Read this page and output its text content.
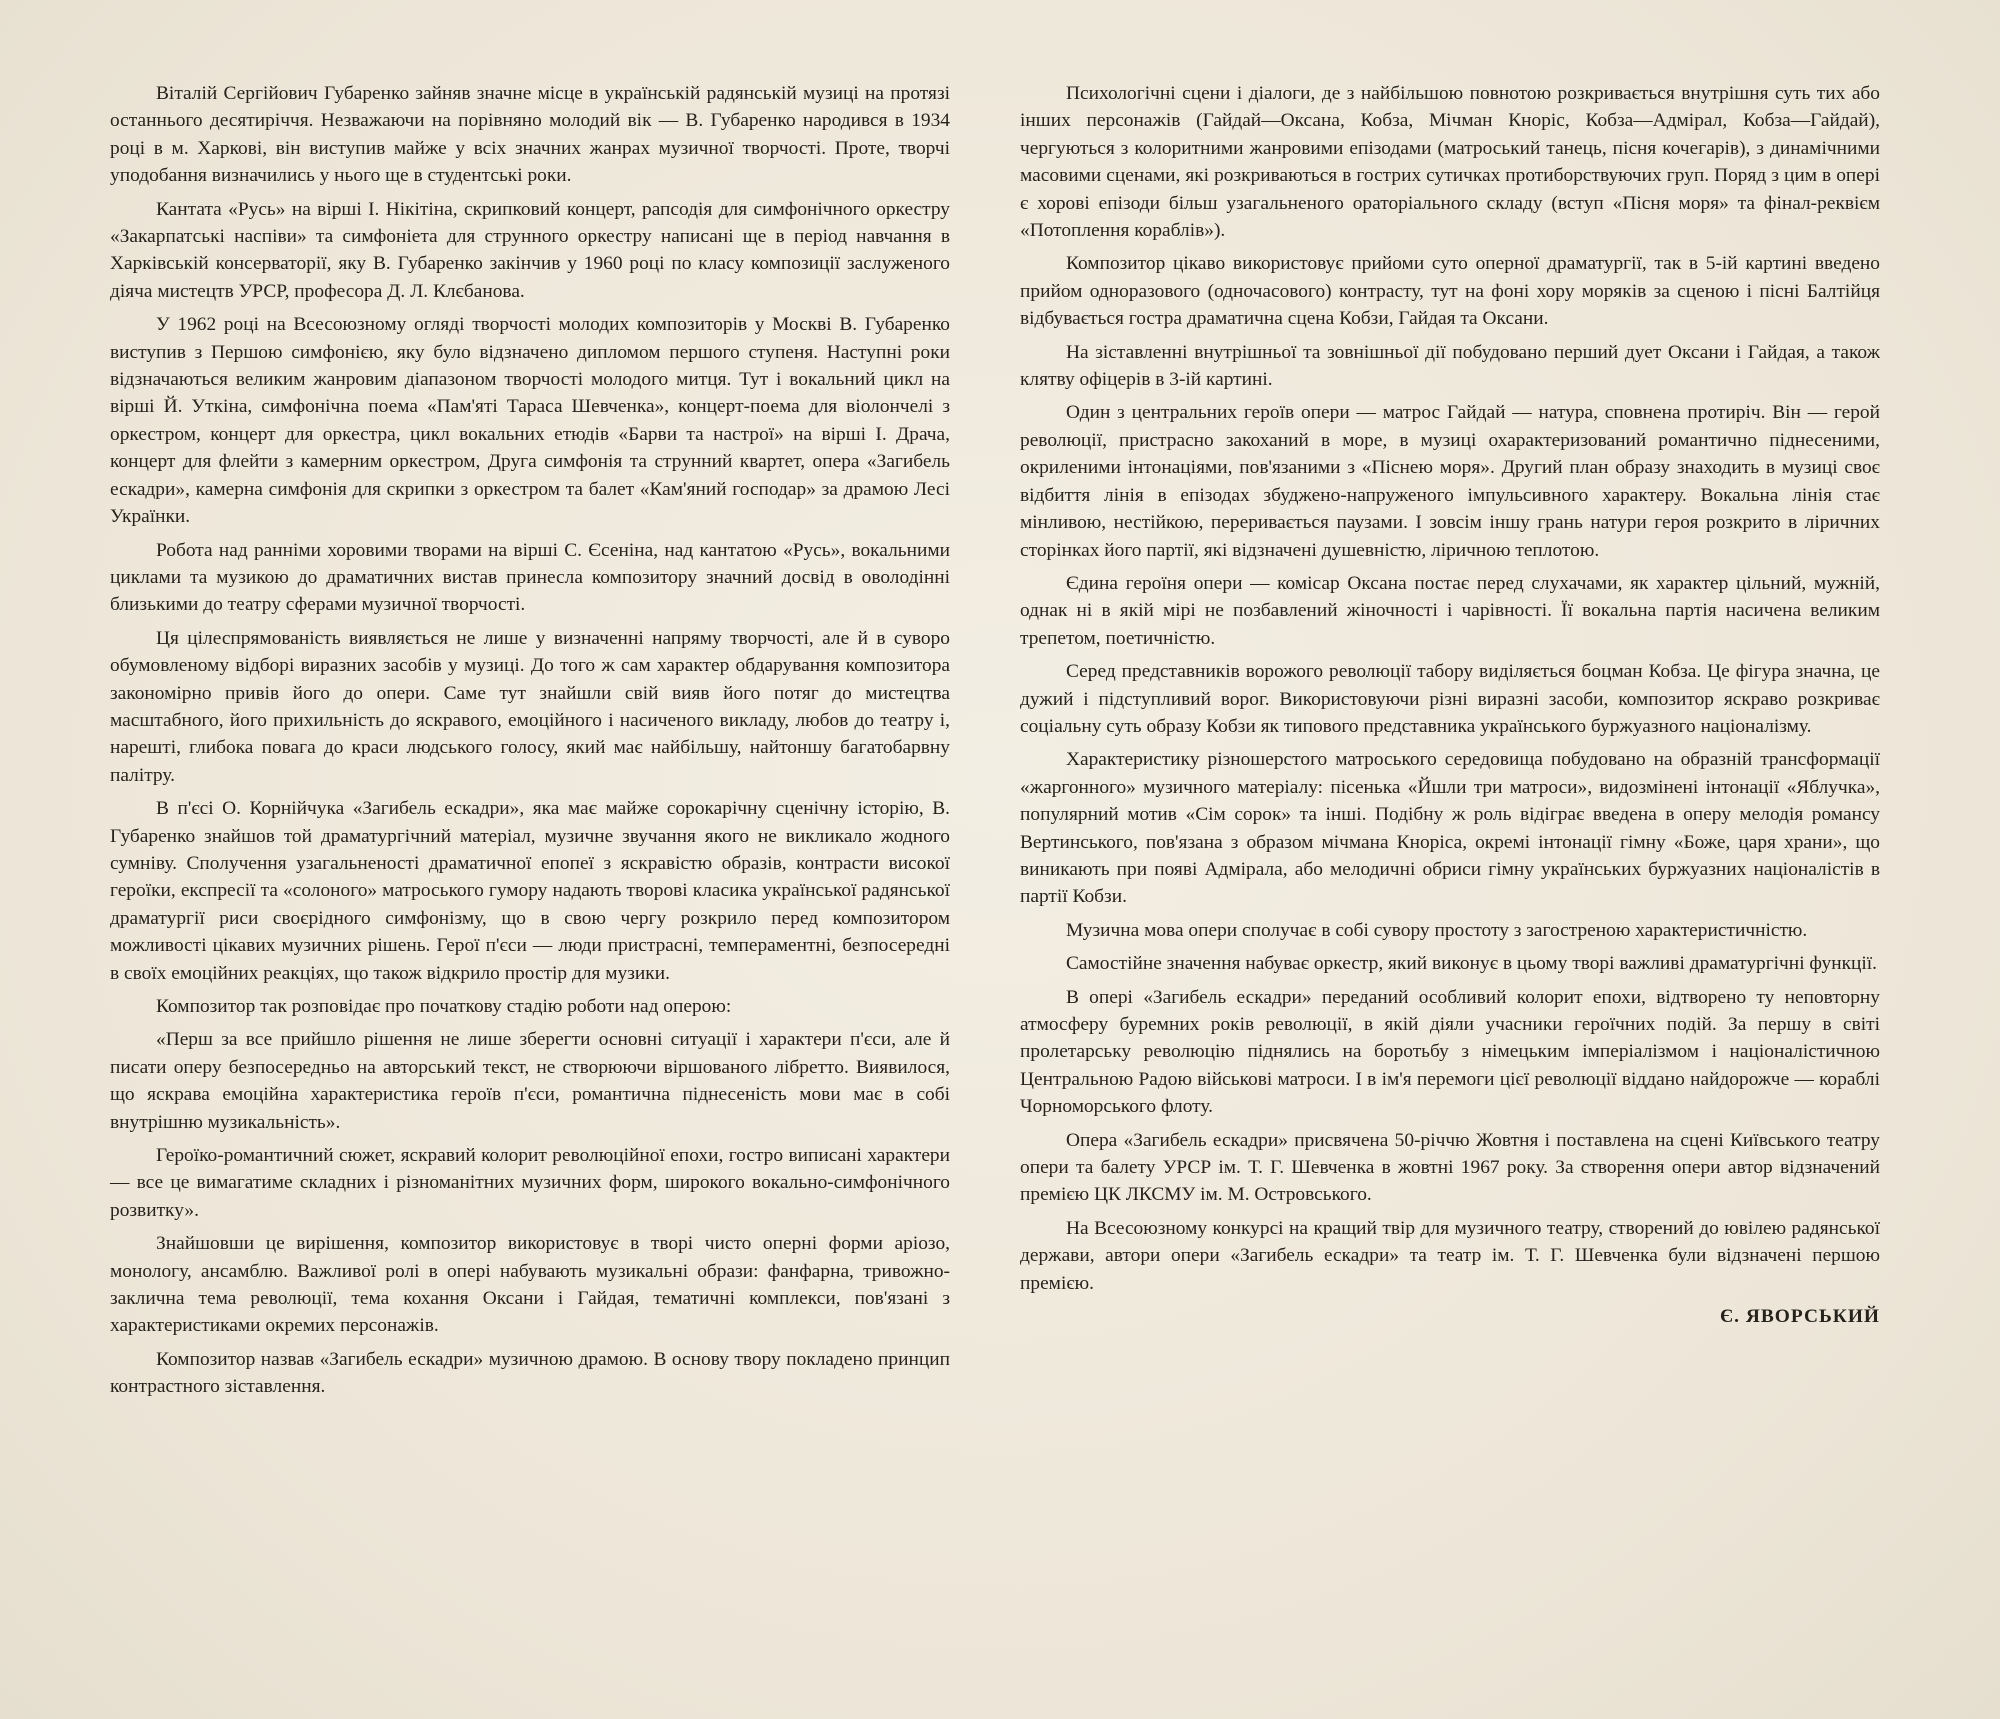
Віталій Сергійович Губаренко зайняв значне місце в українській радянській музиці на протязі останнього десятиріччя. Незважаючи на порівняно молодий вік — В. Губаренко народився в 1934 році в м. Харкові, він виступив майже у всіх значних жанрах музичної творчості. Проте, творчі уподобання визначились у нього ще в студентські роки.

Кантата «Русь» на вірші І. Нікітіна, скрипковий концерт, рапсодія для симфонічного оркестру «Закарпатські наспіви» та симфоніета для струнного оркестру написані ще в період навчання в Харківській консерваторії, яку В. Губаренко закінчив у 1960 році по класу композиції заслуженого діяча мистецтв УРСР, професора Д. Л. Клєбанова.

У 1962 році на Всесоюзному огляді творчості молодих композиторів у Москві В. Губаренко виступив з Першою симфонією, яку було відзначено дипломом першого ступеня. Наступні роки відзначаються великим жанровим діапазоном творчості молодого митця. Тут і вокальний цикл на вірші Й. Уткіна, симфонічна поема «Пам'яті Тараса Шевченка», концерт-поема для віолончелі з оркестром, концерт для оркестра, цикл вокальних етюдів «Барви та настрої» на вірші І. Драча, концерт для флейти з камерним оркестром, Друга симфонія та струнний квартет, опера «Загибель ескадри», камерна симфонія для скрипки з оркестром та балет «Кам'яний господар» за драмою Лесі Українки.

Робота над ранніми хоровими творами на вірші С. Єсеніна, над кантатою «Русь», вокальними циклами та музикою до драматичних вистав принесла композитору значний досвід в оволодінні близькими до театру сферами музичної творчості.

Ця цілеспрямованість виявляється не лише у визначенні напряму творчості, але й в суворо обумовленому відборі виразних засобів у музиці. До того ж сам характер обдарування композитора закономірно привів його до опери. Саме тут знайшли свій вияв його потяг до мистецтва масштабного, його прихильність до яскравого, емоційного і насиченого викладу, любов до театру і, нарешті, глибока повага до краси людського голосу, який має найбільшу, найтоншу багатобарвну палітру.

В п'єсі О. Корнійчука «Загибель ескадри», яка має майже сорокарічну сценічну історію, В. Губаренко знайшов той драматургічний матеріал, музичне звучання якого не викликало жодного сумніву. Сполучення узагальненості драматичної епопеї з яскравістю образів, контрасти високої героїки, експресії та «солоного» матроського гумору надають творові класика української радянської драматургії риси своєрідного симфонізму, що в свою чергу розкрило перед композитором можливості цікавих музичних рішень. Герої п'єси — люди пристрасні, темпераментні, безпосередні в своїх емоційних реакціях, що також відкрило простір для музики.

Композитор так розповідає про початкову стадію роботи над оперою:

«Перш за все прийшло рішення не лише зберегти основні ситуації і характери п'єси, але й писати оперу безпосередньо на авторський текст, не створюючи віршованого лібретто. Виявилося, що яскрава емоційна характеристика героїв п'єси, романтична піднесеність мови має в собі внутрішню музикальність».

Героїко-романтичний сюжет, яскравий колорит революційної епохи, гостро виписані характери — все це вимагатиме складних і різноманітних музичних форм, широкого вокально-симфонічного розвитку».

Знайшовши це вирішення, композитор використовує в творі чисто оперні форми аріозо, монологу, ансамблю. Важливої ролі в опері набувають музикальні образи: фанфарна, тривожно-заклична тема революції, тема кохання Оксани і Гайдая, тематичні комплекси, пов'язані з характеристиками окремих персонажів.

Композитор назвав «Загибель ескадри» музичною драмою. В основу твору покладено принцип контрастного зіставлення.

Психологічні сцени і діалоги, де з найбільшою повнотою розкривається внутрішня суть тих або інших персонажів (Гайдай—Оксана, Кобза, Мічман Кноріс, Кобза—Адмірал, Кобза—Гайдай), чергуються з колоритними жанровими епізодами (матроський танець, пісня кочегарів), з динамічними масовими сценами, які розкриваються в гострих сутичках протиборствуючих груп. Поряд з цим в опері є хорові епізоди більш узагальненого ораторіального складу (вступ «Пісня моря» та фінал-реквієм «Потоплення кораблів»).

Композитор цікаво використовує прийоми суто оперної драматургії, так в 5-ій картині введено прийом одноразового (одночасового) контрасту, тут на фоні хору моряків за сценою і пісні Балтійця відбувається гостра драматична сцена Кобзи, Гайдая та Оксани.

На зіставленні внутрішньої та зовнішньої дії побудовано перший дует Оксани і Гайдая, а також клятву офіцерів в 3-ій картині.

Один з центральних героїв опери — матрос Гайдай — натура, сповнена протиріч. Він — герой революції, пристрасно закоханий в море, в музиці охарактеризований романтично піднесеними, окриленими інтонаціями, пов'язаними з «Піснею моря». Другий план образу знаходить в музиці своє відбиття лінія в епізодах збуджено-напруженого імпульсивного характеру. Вокальна лінія стає мінливою, нестійкою, переривається паузами. І зовсім іншу грань натури героя розкрито в ліричних сторінках його партії, які відзначені душевністю, ліричною теплотою.

Єдина героїня опери — комісар Оксана постає перед слухачами, як характер цільний, мужній, однак ні в якій мірі не позбавлений жіночності і чарівності. Її вокальна партія насичена великим трепетом, поетичністю.

Серед представників ворожого революції табору виділяється боцман Кобза. Це фігура значна, це дужий і підступливий ворог. Використовуючи різні виразні засоби, композитор яскраво розкриває соціальну суть образу Кобзи як типового представника українського буржуазного націоналізму.

Характеристику різношерстого матроського середовища побудовано на образній трансформації «жаргонного» музичного матеріалу: пісенька «Йшли три матроси», видозмінені інтонації «Яблучка», популярний мотив «Сім сорок» та інші. Подібну ж роль відіграє введена в оперу мелодія романсу Вертинського, пов'язана з образом мічмана Кноріса, окремі інтонації гімну «Боже, царя храни», що виникають при появі Адмірала, або мелодичні обриси гімну українських буржуазних націоналістів в партії Кобзи.

Музична мова опери сполучає в собі сувору простоту з загостреною характеристичністю.

Самостійне значення набуває оркестр, який виконує в цьому творі важливі драматургічні функції.

В опері «Загибель ескадри» переданий особливий колорит епохи, відтворено ту неповторну атмосферу буремних років революції, в якій діяли учасники героїчних подій. За першу в світі пролетарську революцію піднялись на боротьбу з німецьким імперіалізмом і націоналістичною Центральною Радою військові матроси. І в ім'я перемоги цієї революції віддано найдорожче — кораблі Чорноморського флоту.

Опера «Загибель ескадри» присвячена 50-річчю Жовтня і поставлена на сцені Київського театру опери та балету УРСР ім. Т. Г. Шевченка в жовтні 1967 року. За створення опери автор відзначений премією ЦК ЛКСМУ ім. М. Островського.

На Всесоюзному конкурсі на кращий твір для музичного театру, створений до ювілею радянської держави, автори опери «Загибель ескадри» та театр ім. Т. Г. Шевченка були відзначені першою премією.

Є. ЯВОРСЬКИЙ
